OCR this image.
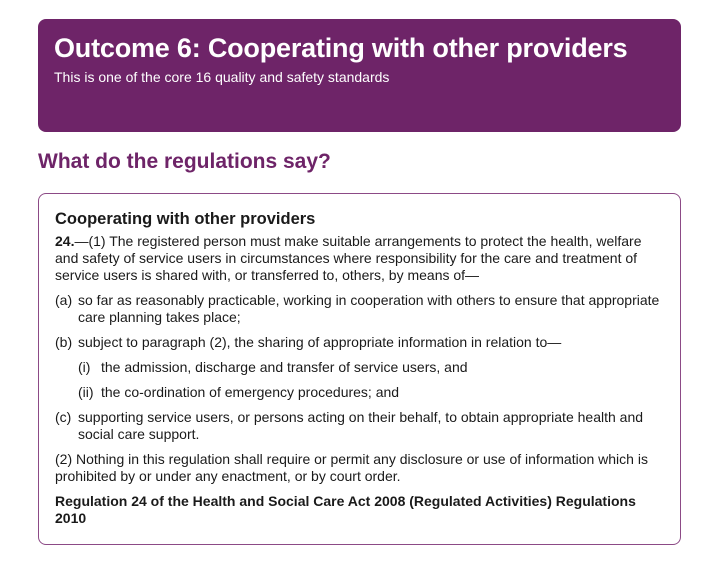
Outcome 6: Cooperating with other providers
This is one of the core 16 quality and safety standards
What do the regulations say?
Cooperating with other providers

24.—(1) The registered person must make suitable arrangements to protect the health, welfare and safety of service users in circumstances where responsibility for the care and treatment of service users is shared with, or transferred to, others, by means of—

(a) so far as reasonably practicable, working in cooperation with others to ensure that appropriate care planning takes place;
(b) subject to paragraph (2), the sharing of appropriate information in relation to—
(i) the admission, discharge and transfer of service users, and
(ii) the co-ordination of emergency procedures; and
(c) supporting service users, or persons acting on their behalf, to obtain appropriate health and social care support.

(2) Nothing in this regulation shall require or permit any disclosure or use of information which is prohibited by or under any enactment, or by court order.

Regulation 24 of the Health and Social Care Act 2008 (Regulated Activities) Regulations 2010
